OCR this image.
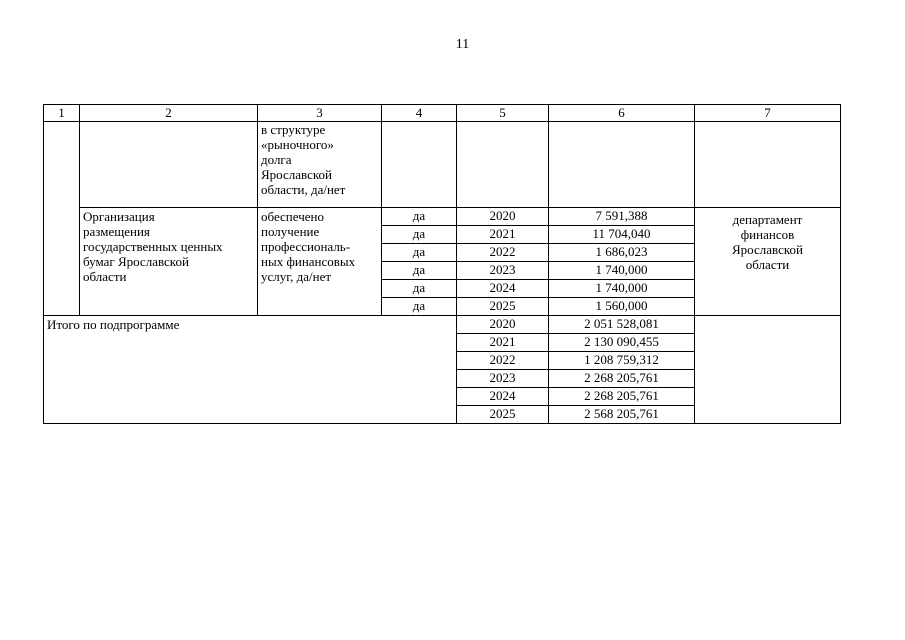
11
1	2	3	4	5	6	7
		в структуре
«рыночного»
долга
Ярославской
области, да/нет				
	Организация
размещения
государственных ценных
бумаг Ярославской
области	обеспечено
получение
профессиональ-
ных финансовых
услуг, да/нет	да	2020	7 591,388	департамент
финансов
Ярославской
области
			да	2021	11 704,040	
			да	2022	1 686,023	
			да	2023	1 740,000	
			да	2024	1 740,000	
			да	2025	1 560,000	
Итого по подпрограмме				2020	2 051 528,081	
				2021	2 130 090,455	
				2022	1 208 759,312	
				2023	2 268 205,761	
				2024	2 268 205,761	
				2025	2 568 205,761	
